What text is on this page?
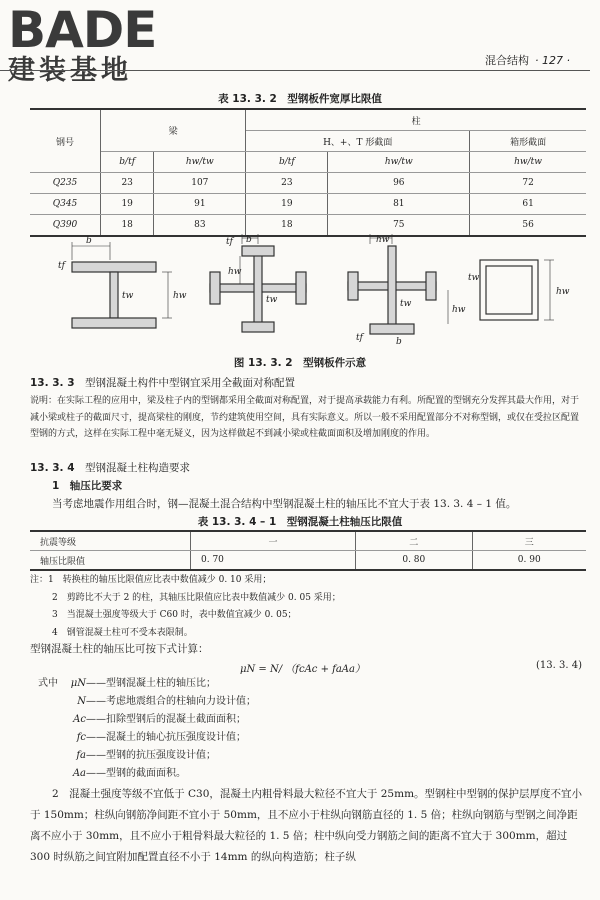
BADE
建装基地	混合结构 · 127 ·
表 13. 3. 2　型钢板件宽厚比限值
钢号	梁		柱		
			H、+、T 形截面		箱形截面
	b/tf	hw/tw	b/tf	hw/tw	hw/tw
Q235	23	107	23	96	72
Q345	19	91	19	81	61
Q390	18	83	18	75	56
b
tf
tw	hw
b
tf
tw
hw
hw
tw
tf	b
hw
tw
hw
图 13. 3. 2　型钢板件示意
13. 3. 3　 型钢混凝土构件中型钢宜采用全截面对称配置
说明：在实际工程的应用中，梁及柱子内的型钢都采用全截面对称配置，对于提高承载能力有利。所配置的型钢充分发挥其最大作用，对于减小梁或柱子的截面尺寸，提高梁柱的刚度，节约建筑使用空间，具有实际意义。所以一般不采用配置部分不对称型钢，或仅在受拉区配置型钢的方式，这样在实际工程中毫无疑义，因为这样做起不到减小梁或柱截面面积及增加刚度的作用。
13. 3. 4　 型钢混凝土柱构造要求
1　轴压比要求
当考虑地震作用组合时，钢—混凝土混合结构中型钢混凝土柱的轴压比不宜大于表 13. 3. 4 – 1 值。
表 13. 3. 4 – 1　型钢混凝土柱轴压比限值
抗震等级	一	二	三
轴压比限值	0. 70	0. 80	0. 90
注：1　转换柱的轴压比限值应比表中数值减少 0. 10 采用；
2　剪跨比不大于 2 的柱，其轴压比限值应比表中数值减少 0. 05 采用；
3　当混凝土强度等级大于 C60 时，表中数值宜减少 0. 05；
4　钢管混凝土柱可不受本表限制。
型钢混凝土柱的轴压比可按下式计算：
μN = N/ （fcAc + faAa）	(13. 3. 4)
式中	μN ——型钢混凝土柱的轴压比；
N ——考虑地震组合的柱轴向力设计值；
Ac ——扣除型钢后的混凝土截面面积；
fc ——混凝土的轴心抗压强度设计值；
fa ——型钢的抗压强度设计值；
Aa ——型钢的截面面积。
2　混凝土强度等级不宜低于 C30，混凝土内粗骨料最大粒径不宜大于 25mm。型钢柱中型钢的保护层厚度不宜小于 150mm；柱纵向钢筋净间距不宜小于 50mm，且不应小于柱纵向钢筋直径的 1. 5 倍；柱纵向钢筋与型钢之间净距离不应小于 30mm，且不应小于粗骨料最大粒径的 1. 5 倍；柱中纵向受力钢筋之间的距离不宜大于 300mm，超过 300 时纵筋之间宜附加配置直径不小于 14mm 的纵向构造筋；柱子纵
